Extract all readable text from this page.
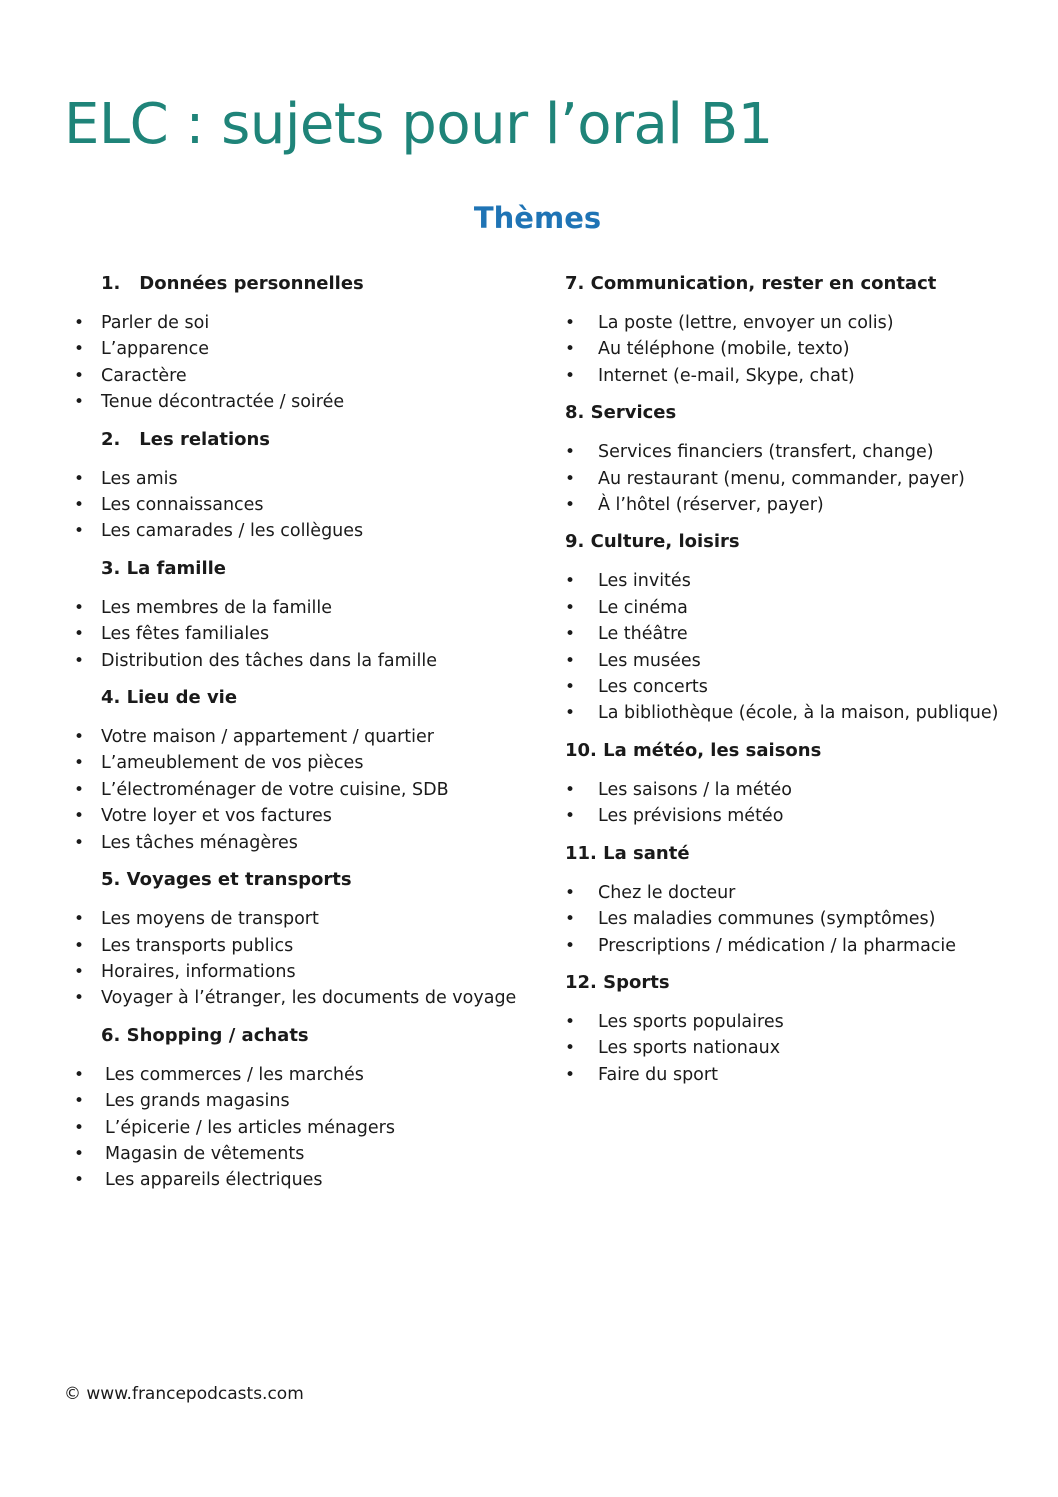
ELC : sujets pour l’oral B1
Thèmes
1. Données personnelles
• Parler de soi
• L’apparence
• Caractère
• Tenue décontractée / soirée
2. Les relations
• Les amis
• Les connaissances
• Les camarades / les collègues
3. La famille
• Les membres de la famille
• Les fêtes familiales
• Distribution des tâches dans la famille
4. Lieu de vie
• Votre maison / appartement / quartier
• L’ameublement de vos pièces
• L’électroménager de votre cuisine, SDB
• Votre loyer et vos factures
• Les tâches ménagères
5. Voyages et transports
• Les moyens de transport
• Les transports publics
• Horaires, informations
• Voyager à l’étranger, les documents de voyage
6. Shopping / achats
• Les commerces / les marchés
• Les grands magasins
• L’épicerie / les articles ménagers
• Magasin de vêtements
• Les appareils électriques
7. Communication, rester en contact
• La poste (lettre, envoyer un colis)
• Au téléphone (mobile, texto)
• Internet (e-mail, Skype, chat)
8. Services
• Services financiers (transfert, change)
• Au restaurant (menu, commander, payer)
• À l’hôtel (réserver, payer)
9. Culture, loisirs
• Les invités
• Le cinéma
• Le théâtre
• Les musées
• Les concerts
• La bibliothèque (école, à la maison, publique)
10. La météo, les saisons
• Les saisons / la météo
• Les prévisions météo
11. La santé
• Chez le docteur
• Les maladies communes (symptômes)
• Prescriptions / médication / la pharmacie
12. Sports
• Les sports populaires
• Les sports nationaux
• Faire du sport
© www.francepodcasts.com
